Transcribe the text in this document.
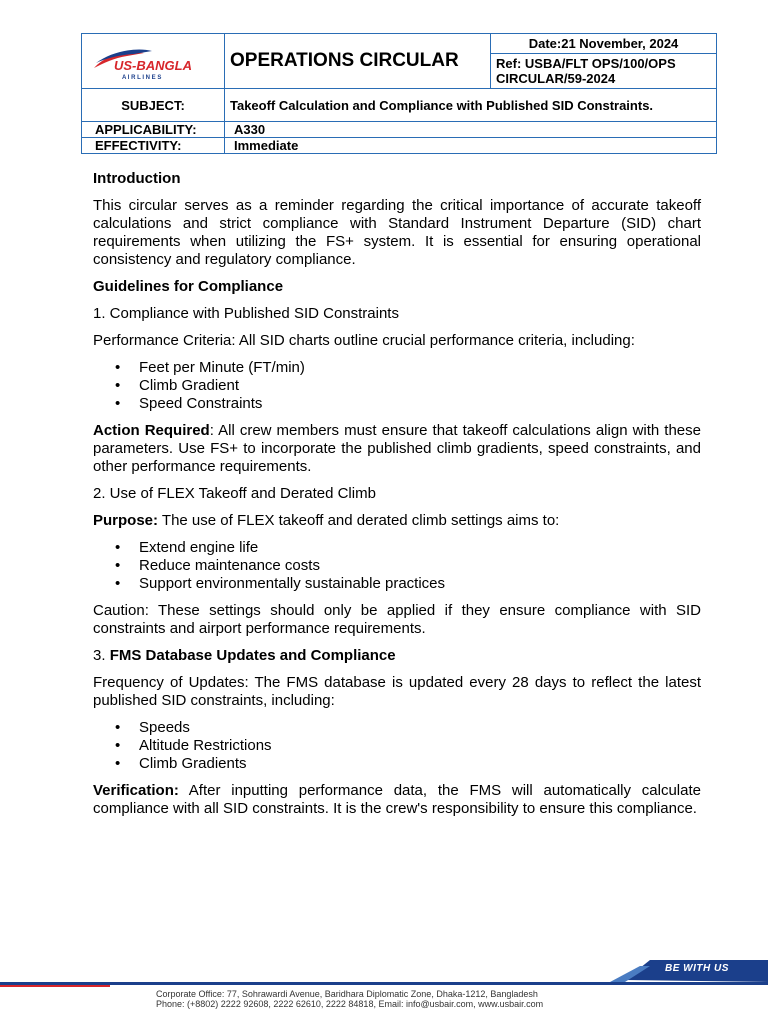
US-BANGLA
A I R L I N E S	OPERATIONS CIRCULAR	Date:21 November, 2024
		Ref: USBA/FLT OPS/100/OPS CIRCULAR/59-2024
SUBJECT:	Takeoff Calculation and Compliance with Published SID Constraints.	
APPLICABILITY:	A330	
EFFECTIVITY:	Immediate	
Introduction

This circular serves as a reminder regarding the critical importance of accurate takeoff calculations and strict compliance with Standard Instrument Departure (SID) chart requirements when utilizing the FS+ system. It is essential for ensuring operational consistency and regulatory compliance.

Guidelines for Compliance

1. Compliance with Published SID Constraints

Performance Criteria: All SID charts outline crucial performance criteria, including:

• Feet per Minute (FT/min)
• Climb Gradient
• Speed Constraints

Action Required: All crew members must ensure that takeoff calculations align with these parameters. Use FS+ to incorporate the published climb gradients, speed constraints, and other performance requirements.

2. Use of FLEX Takeoff and Derated Climb

Purpose: The use of FLEX takeoff and derated climb settings aims to:

• Extend engine life
• Reduce maintenance costs
• Support environmentally sustainable practices

Caution: These settings should only be applied if they ensure compliance with SID constraints and airport performance requirements.

3. FMS Database Updates and Compliance

Frequency of Updates: The FMS database is updated every 28 days to reflect the latest published SID constraints, including:

• Speeds
• Altitude Restrictions
• Climb Gradients

Verification: After inputting performance data, the FMS will automatically calculate compliance with all SID constraints. It is the crew's responsibility to ensure this compliance.

BE WITH US
Corporate Office: 77, Sohrawardi Avenue, Baridhara Diplomatic Zone, Dhaka-1212, Bangladesh
Phone: (+8802) 2222 92608, 2222 62610, 2222 84818, Email: info@usbair.com, www.usbair.com
